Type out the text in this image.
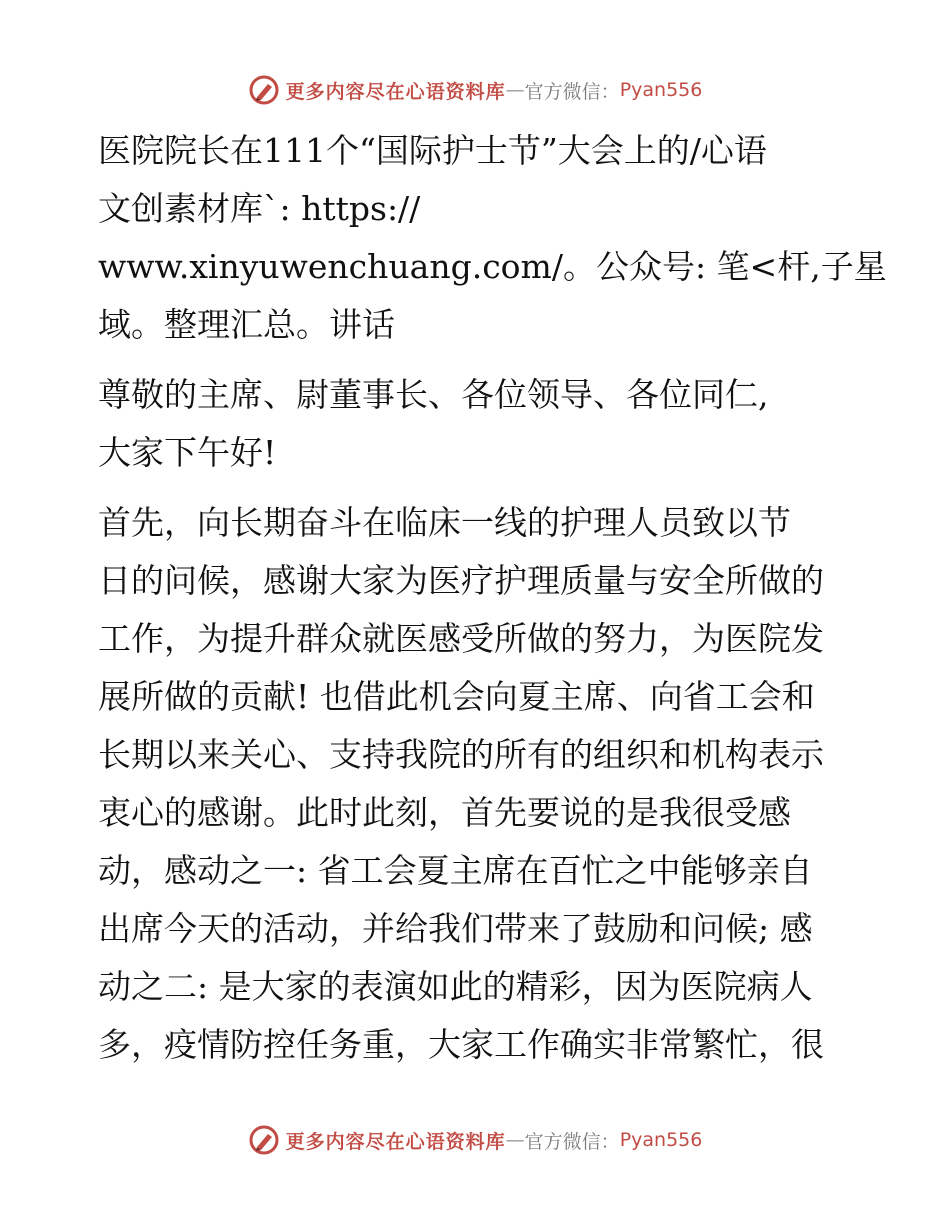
更多内容尽在心语资料库 — 官方微信： Pyan556
医院院长在111个“国际护士节”大会上的/心语
文创素材库`: https://
www.xinyuwenchuang.com/。公众号: 笔<杆,子星
域。整理汇总。讲话
尊敬的主席、尉董事长、各位领导、各位同仁,
大家下午好!
首先，向长期奋斗在临床一线的护理人员致以节
日的问候，感谢大家为医疗护理质量与安全所做的
工作，为提升群众就医感受所做的努力，为医院发
展所做的贡献! 也借此机会向夏主席、向省工会和
长期以来关心、支持我院的所有的组织和机构表示
衷心的感谢。此时此刻，首先要说的是我很受感
动，感动之一: 省工会夏主席在百忙之中能够亲自
出席今天的活动，并给我们带来了鼓励和问候; 感
动之二: 是大家的表演如此的精彩，因为医院病人
多，疫情防控任务重，大家工作确实非常繁忙，很
更多内容尽在心语资料库 — 官方微信： Pyan556
